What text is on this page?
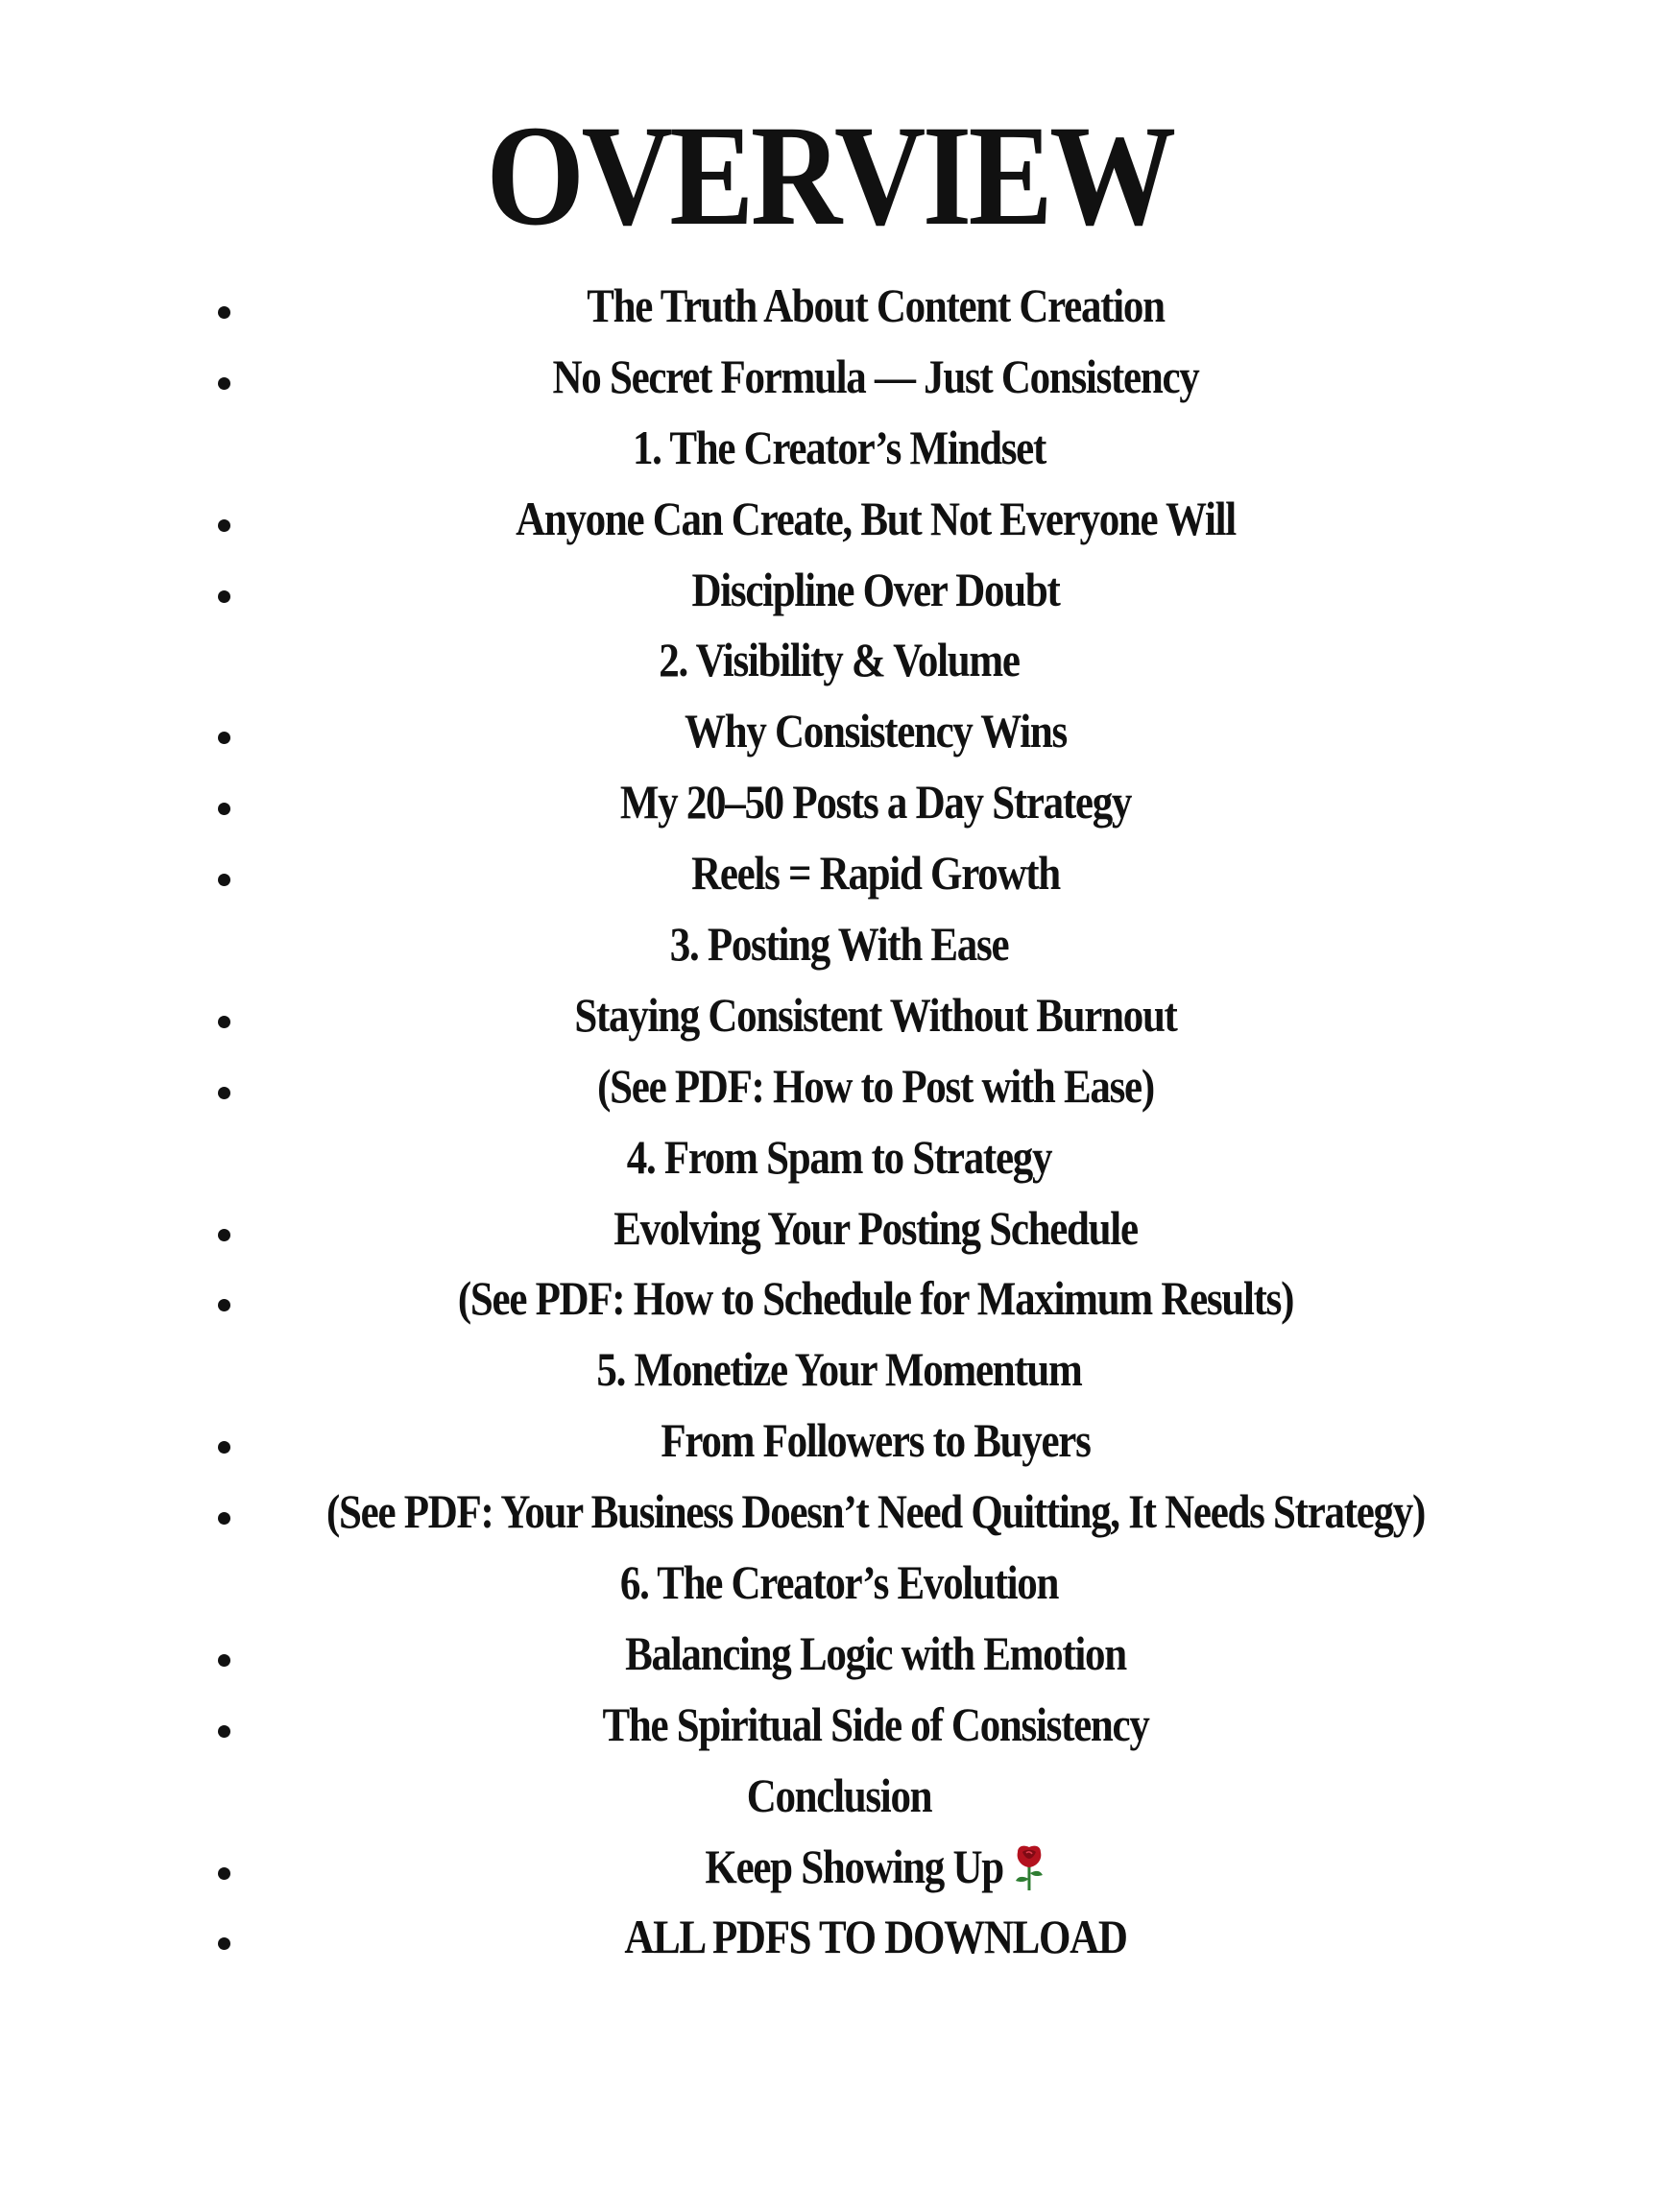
OVERVIEW
The Truth About Content Creation
No Secret Formula — Just Consistency
1. The Creator’s Mindset
Anyone Can Create, But Not Everyone Will
Discipline Over Doubt
2. Visibility & Volume
Why Consistency Wins
My 20–50 Posts a Day Strategy
Reels = Rapid Growth
3. Posting With Ease
Staying Consistent Without Burnout
(See PDF: How to Post with Ease)
4. From Spam to Strategy
Evolving Your Posting Schedule
(See PDF: How to Schedule for Maximum Results)
5. Monetize Your Momentum
From Followers to Buyers
(See PDF: Your Business Doesn’t Need Quitting, It Needs Strategy)
6. The Creator’s Evolution
Balancing Logic with Emotion
The Spiritual Side of Consistency
Conclusion
Keep Showing Up
ALL PDFS TO DOWNLOAD
